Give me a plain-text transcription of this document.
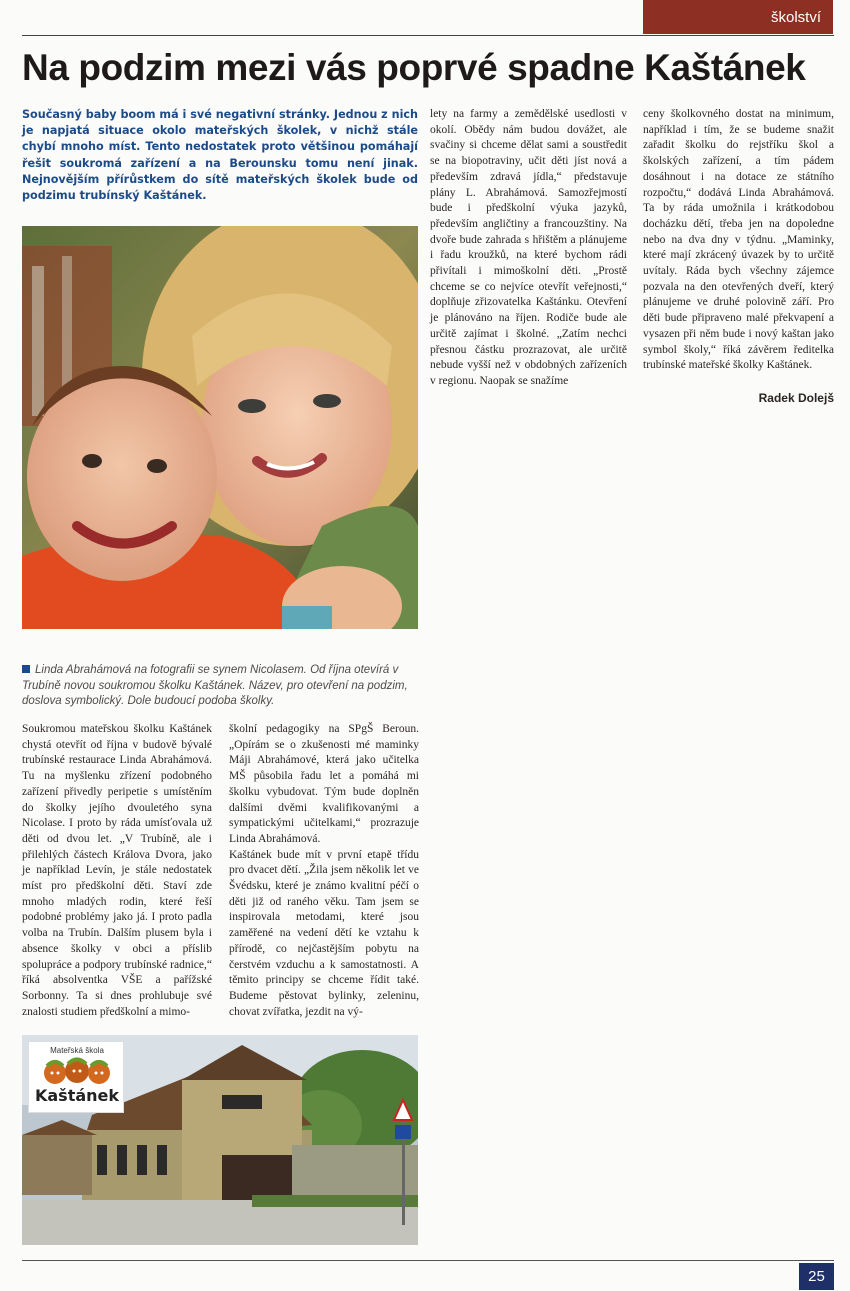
školství
Na podzim mezi vás poprvé spadne Kaštánek
Současný baby boom má i své negativní stránky. Jednou z nich je napjatá situace okolo mateřských školek, v nichž stále chybí mnoho míst. Tento nedostatek proto většinou pomáhají řešit soukromá zařízení a na Berounsku tomu není jinak. Nejnovějším přírůstkem do sítě mateřských školek bude od podzimu trubínský Kaštánek.
Linda Abrahámová na fotografii se synem Nicolasem. Od října otevírá v Trubíně novou soukromou školku Kaštánek. Název, pro otevření na podzim, doslova symbolický. Dole budoucí podoba školky.

lety na farmy a zemědělské usedlosti v okolí. Obědy nám budou dovážet, ale svačiny si chceme dělat sami a soustředit se na biopotraviny, učit děti jíst nová a především zdravá jídla,“ představuje plány L. Abrahámová. Samozřejmostí bude i předškolní výuka jazyků, především angličtiny a francouzštiny. Na dvoře bude zahrada s hřištěm a plánujeme i řadu kroužků, na které bychom rádi přivítali i mimoškolní děti. „Prostě chceme se co nejvíce otevřít veřejnosti,“ doplňuje zřizovatelka Kaštánku. Otevření je plánováno na říjen. Rodiče bude ale určitě zajímat i školné. „Zatím nechci přesnou částku prozrazovat, ale určitě nebude vyšší než v obdobných zařízeních v regionu. Naopak se snažíme

ceny školkovného dostat na minimum, například i tím, že se budeme snažit zařadit školku do rejstříku škol a školských zařízení, a tím pádem dosáhnout i na dotace ze státního rozpočtu,“ dodává Linda Abrahámová. Ta by ráda umožnila i krátkodobou docházku dětí, třeba jen na dopoledne nebo na dva dny v týdnu. „Maminky, které mají zkrácený úvazek by to určitě uvítaly. Ráda bych všechny zájemce pozvala na den otevřených dveří, který plánujeme ve druhé polovině září. Pro děti bude připraveno malé překvapení a vysazen při něm bude i nový kaštan jako symbol školy,“ říká závěrem ředitelka trubínské mateřské školky Kaštánek.

Radek Dolejš

Soukromou mateřskou školku Kaštánek chystá otevřít od října v budově bývalé trubínské restaurace Linda Abrahámová. Tu na myšlenku zřízení podobného zařízení přivedly peripetie s umístěním do školky jejího dvouletého syna Nicolase. I proto by ráda umísťovala už děti od dvou let. „V Trubíně, ale i přilehlých částech Králova Dvora, jako je například Levín, je stále nedostatek míst pro předškolní děti. Staví zde mnoho mladých rodin, které řeší podobné problémy jako já. I proto padla volba na Trubín. Dalším plusem byla i absence školky v obci a příslib spolupráce a podpory trubínské radnice,“ říká absolventka VŠE a pařížské Sorbonny. Ta si dnes prohlubuje své znalosti studiem předškolní a mimo-

školní pedagogiky na SPgŠ Beroun. „Opírám se o zkušenosti mé maminky Máji Abrahámové, která jako učitelka MŠ působila řadu let a pomáhá mi školku vybudovat. Tým bude doplněn dalšími dvěmi kvalifikovanými a sympatickými učitelkami,“ prozrazuje Linda Abrahámová.

Kaštánek bude mít v první etapě třídu pro dvacet dětí. „Žila jsem několik let ve Švédsku, které je známo kvalitní péčí o děti již od raného věku. Tam jsem se inspirovala metodami, které jsou zaměřené na vedení dětí ke vztahu k přírodě, co nejčastějším pobytu na čerstvém vzduchu a k samostatnosti. A těmito principy se chceme řídit také. Budeme pěstovat bylinky, zeleninu, chovat zvířatka, jezdit na vý-

Mateřská škola
Kaštánek
25
